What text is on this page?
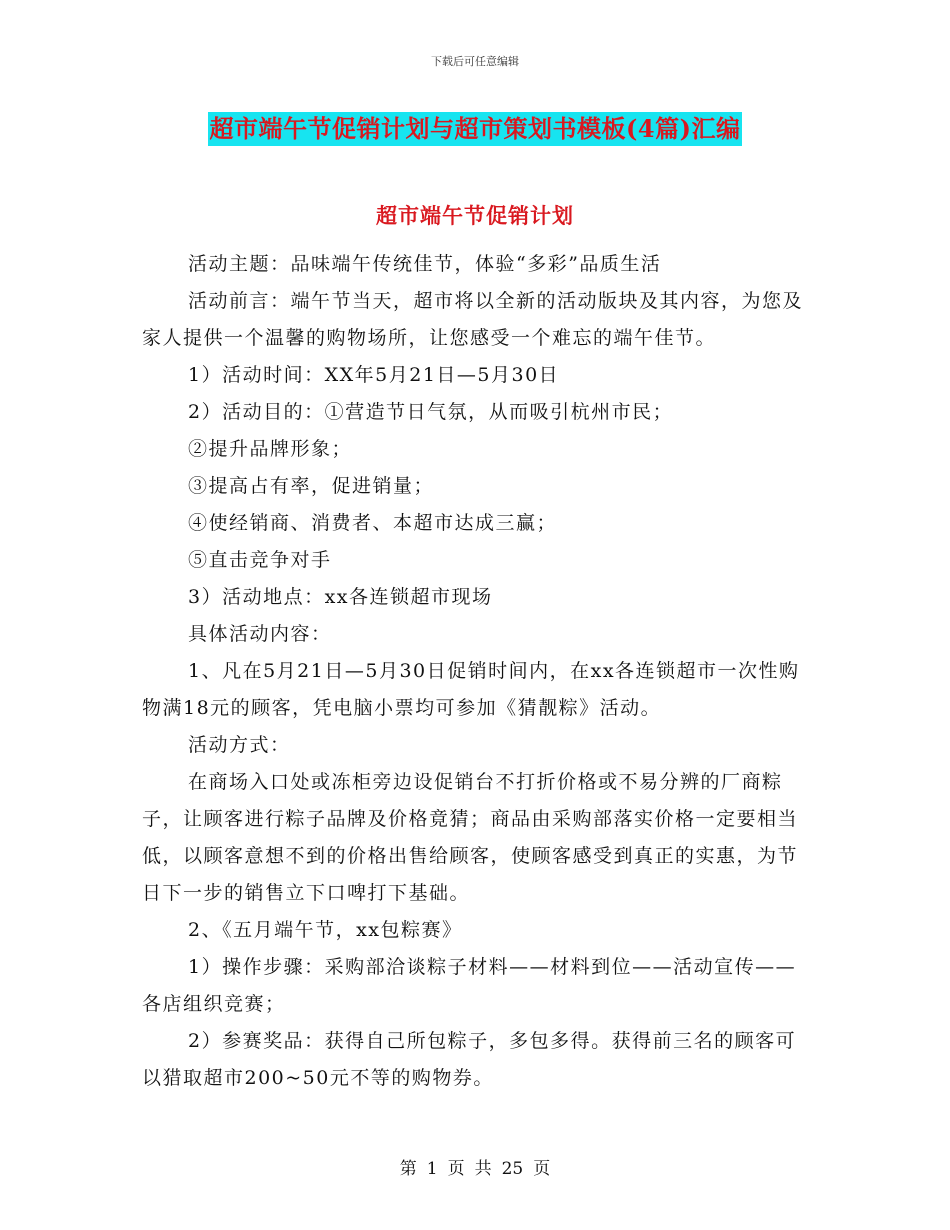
下载后可任意编辑
超市端午节促销计划与超市策划书模板(4篇)汇编
超市端午节促销计划

活动主题：品味端午传统佳节，体验“多彩”品质生活

活动前言：端午节当天，超市将以全新的活动版块及其内容，为您及家人提供一个温馨的购物场所，让您感受一个难忘的端午佳节。

1）活动时间：XX年5月21日—5月30日

2）活动目的：①营造节日气氛，从而吸引杭州市民；

②提升品牌形象；

③提高占有率，促进销量；

④使经销商、消费者、本超市达成三赢；

⑤直击竞争对手

3）活动地点：xx各连锁超市现场

具体活动内容：

1、凡在5月21日—5月30日促销时间内，在xx各连锁超市一次性购物满18元的顾客，凭电脑小票均可参加《猜靓粽》活动。

活动方式：

在商场入口处或冻柜旁边设促销台不打折价格或不易分辨的厂商粽子，让顾客进行粽子品牌及价格竟猜；商品由采购部落实价格一定要相当低，以顾客意想不到的价格出售给顾客，使顾客感受到真正的实惠，为节日下一步的销售立下口啤打下基础。

2、《五月端午节，xx包粽赛》

1）操作步骤：采购部洽谈粽子材料——材料到位——活动宣传——各店组织竞赛；

2）参赛奖品：获得自己所包粽子，多包多得。获得前三名的顾客可以猎取超市200~50元不等的购物券。

第 1 页 共 25 页
